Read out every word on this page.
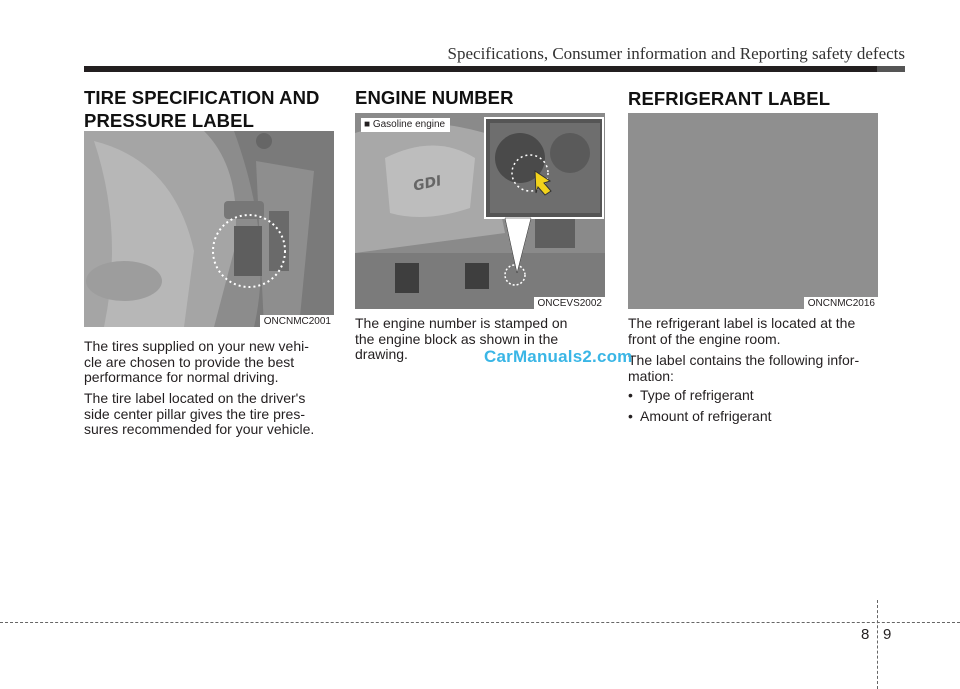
Specifications, Consumer information and Reporting safety defects
TIRE SPECIFICATION AND
PRESSURE LABEL
ONCNMC2001
The tires supplied on your new vehi-
cle are chosen to provide the best
performance for normal driving.
The tire label located on the driver's
side center pillar gives the tire pres-
sures recommended for your vehicle.
ENGINE NUMBER
GDI
■ Gasoline engine
ONCEVS2002
The engine number is stamped on
the engine block as shown in the
drawing.
REFRIGERANT LABEL
ONCNMC2016
The refrigerant label is located at the
front of the engine room.
The label contains the following infor-
mation:
• Type of refrigerant
• Amount of refrigerant
CarManuals2.com
8 9
